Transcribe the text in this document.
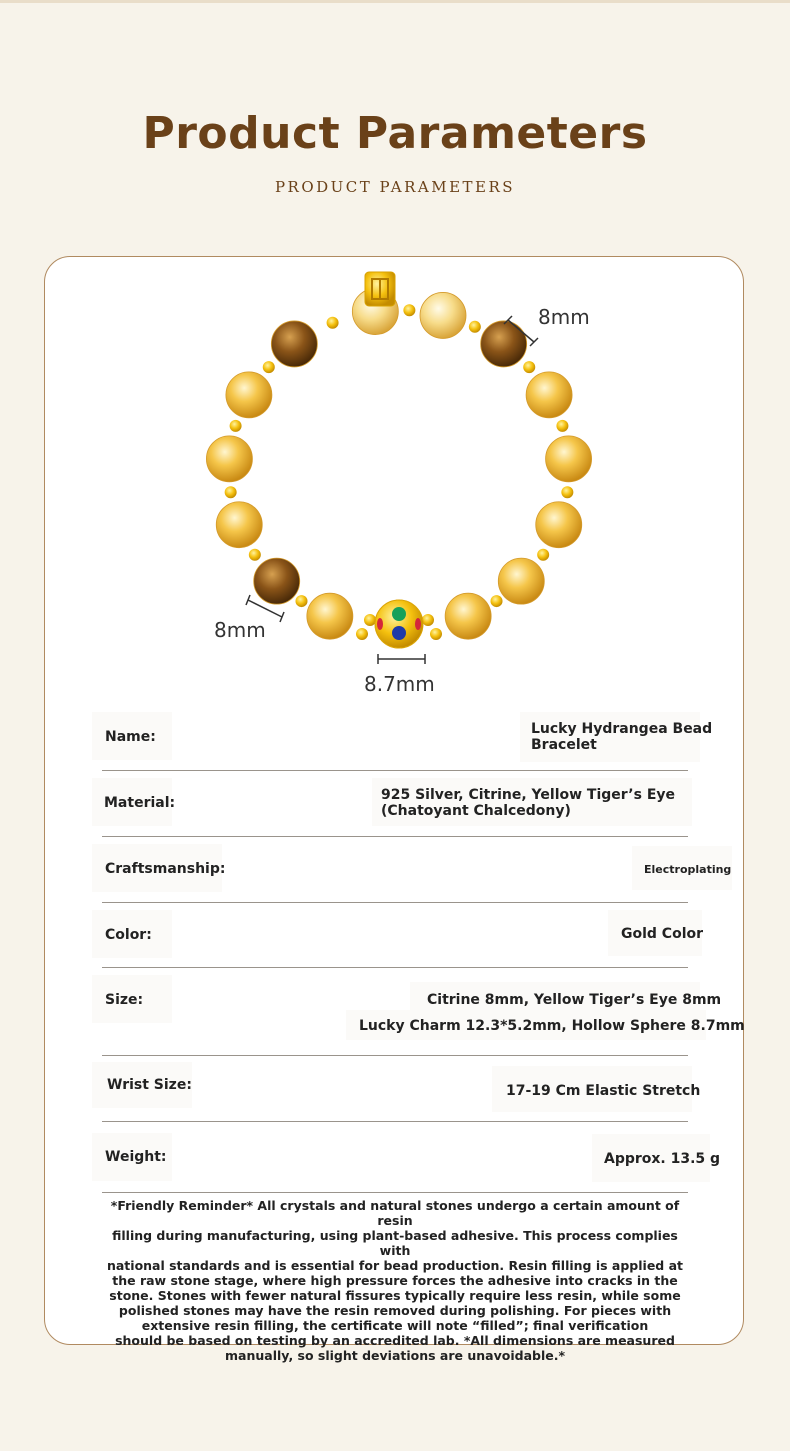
Product Parameters
PRODUCT PARAMETERS
8mm
8mm
8.7mm
Name:	Lucky Hydrangea Bead
Bracelet
Material:	925 Silver, Citrine, Yellow Tiger’s Eye
(Chatoyant Chalcedony)
Craftsmanship:	Electroplating
Color:	Gold Color
Size:	Citrine 8mm, Yellow Tiger’s Eye 8mm
Lucky Charm 12.3*5.2mm, Hollow Sphere 8.7mm
Wrist Size:	17-19 Cm Elastic Stretch
Weight:	Approx. 13.5 g
*Friendly Reminder* All crystals and natural stones undergo a certain amount of resin
filling during manufacturing, using plant-based adhesive. This process complies with
national standards and is essential for bead production. Resin filling is applied at
the raw stone stage, where high pressure forces the adhesive into cracks in the
stone. Stones with fewer natural fissures typically require less resin, while some
polished stones may have the resin removed during polishing. For pieces with
extensive resin filling, the certificate will note “filled”; final verification
should be based on testing by an accredited lab. *All dimensions are measured
manually, so slight deviations are unavoidable.*
